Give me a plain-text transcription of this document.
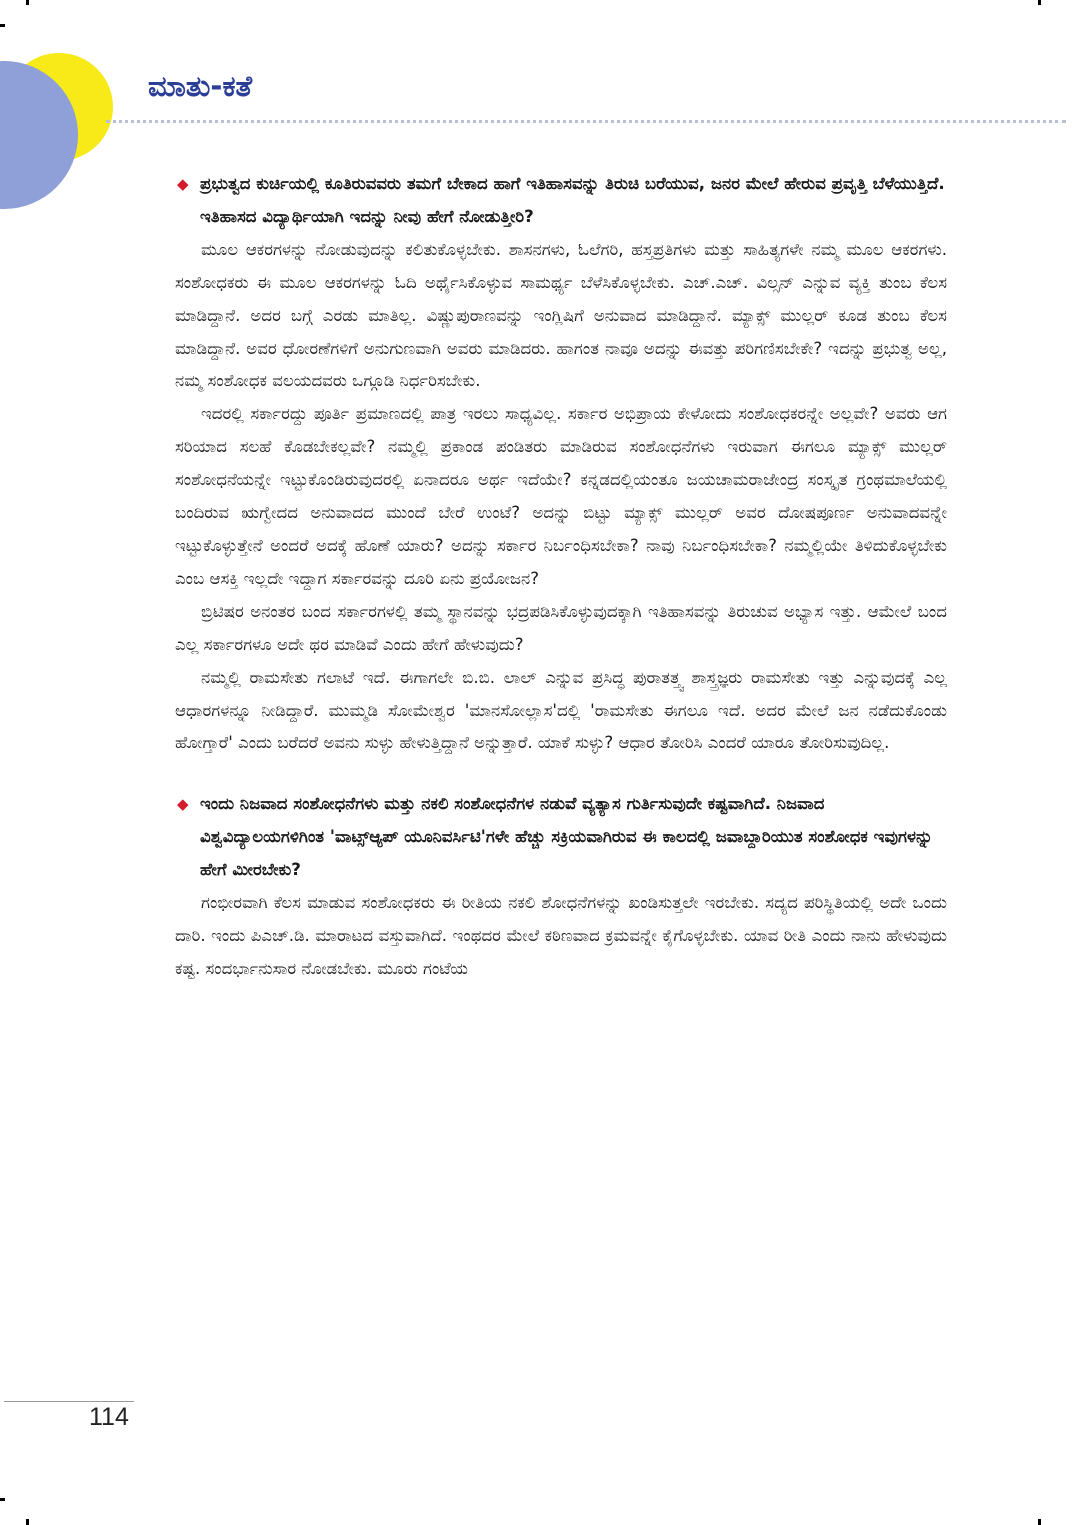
ಮಾತು-ಕತೆ

◆ ಪ್ರಭುತ್ವದ ಕುರ್ಚಿಯಲ್ಲಿ ಕೂತಿರುವವರು ತಮಗೆ ಬೇಕಾದ ಹಾಗೆ ಇತಿಹಾಸವನ್ನು ತಿರುಚಿ ಬರೆಯುವ, ಜನರ ಮೇಲೆ ಹೇರುವ ಪ್ರವೃತ್ತಿ ಬೆಳೆಯುತ್ತಿದೆ. ಇತಿಹಾಸದ ವಿದ್ಯಾರ್ಥಿಯಾಗಿ ಇದನ್ನು ನೀವು ಹೇಗೆ ನೋಡುತ್ತೀರಿ?

ಮೂಲ ಆಕರಗಳನ್ನು ನೋಡುವುದನ್ನು ಕಲಿತುಕೊಳ್ಳಬೇಕು. ಶಾಸನಗಳು, ಓಲೆಗರಿ, ಹಸ್ತಪ್ರತಿಗಳು ಮತ್ತು ಸಾಹಿತ್ಯಗಳೇ ನಮ್ಮ ಮೂಲ ಆಕರಗಳು. ಸಂಶೋಧಕರು ಈ ಮೂಲ ಆಕರಗಳನ್ನು ಓದಿ ಅರ್ಥೈಸಿಕೊಳ್ಳುವ ಸಾಮರ್ಥ್ಯ ಬೆಳೆಸಿಕೊಳ್ಳಬೇಕು. ಎಚ್.ಎಚ್. ವಿಲ್ಸನ್ ಎನ್ನುವ ವ್ಯಕ್ತಿ ತುಂಬ ಕೆಲಸ ಮಾಡಿದ್ದಾನೆ. ಅದರ ಬಗ್ಗೆ ಎರಡು ಮಾತಿಲ್ಲ. ವಿಷ್ಣುಪುರಾಣವನ್ನು ಇಂಗ್ಲಿಷಿಗೆ ಅನುವಾದ ಮಾಡಿದ್ದಾನೆ. ಮ್ಯಾಕ್ಸ್ ಮುಲ್ಲರ್ ಕೂಡ ತುಂಬ ಕೆಲಸ ಮಾಡಿದ್ದಾನೆ. ಅವರ ಧೋರಣೆಗಳಿಗೆ ಅನುಗುಣವಾಗಿ ಅವರು ಮಾಡಿದರು. ಹಾಗಂತ ನಾವೂ ಅದನ್ನು ಈವತ್ತು ಪರಿಗಣಿಸಬೇಕೇ? ಇದನ್ನು ಪ್ರಭುತ್ವ ಅಲ್ಲ, ನಮ್ಮ ಸಂಶೋಧಕ ವಲಯದವರು ಒಗ್ಗೂಡಿ ನಿರ್ಧರಿಸಬೇಕು.

ಇದರಲ್ಲಿ ಸರ್ಕಾರದ್ದು ಪೂರ್ತಿ ಪ್ರಮಾಣದಲ್ಲಿ ಪಾತ್ರ ಇರಲು ಸಾಧ್ಯವಿಲ್ಲ. ಸರ್ಕಾರ ಅಭಿಪ್ರಾಯ ಕೇಳೋದು ಸಂಶೋಧಕರನ್ನೇ ಅಲ್ಲವೇ? ಅವರು ಆಗ ಸರಿಯಾದ ಸಲಹೆ ಕೊಡಬೇಕಲ್ಲವೇ? ನಮ್ಮಲ್ಲಿ ಪ್ರಕಾಂಡ ಪಂಡಿತರು ಮಾಡಿರುವ ಸಂಶೋಧನೆಗಳು ಇರುವಾಗ ಈಗಲೂ ಮ್ಯಾಕ್ಸ್ ಮುಲ್ಲರ್ ಸಂಶೋಧನೆಯನ್ನೇ ಇಟ್ಟುಕೊಂಡಿರುವುದರಲ್ಲಿ ಏನಾದರೂ ಅರ್ಥ ಇದೆಯೇ? ಕನ್ನಡದಲ್ಲಿಯಂತೂ ಜಯಚಾಮರಾಜೇಂದ್ರ ಸಂಸ್ಕೃತ ಗ್ರಂಥಮಾಲೆಯಲ್ಲಿ ಬಂದಿರುವ ಋಗ್ವೇದದ ಅನುವಾದದ ಮುಂದೆ ಬೇರೆ ಉಂಟೆ? ಅದನ್ನು ಬಿಟ್ಟು ಮ್ಯಾಕ್ಸ್ ಮುಲ್ಲರ್ ಅವರ ದೋಷಪೂರ್ಣ ಅನುವಾದವನ್ನೇ ಇಟ್ಟುಕೊಳ್ಳುತ್ತೇನೆ ಅಂದರೆ ಅದಕ್ಕೆ ಹೊಣೆ ಯಾರು? ಅದನ್ನು ಸರ್ಕಾರ ನಿರ್ಬಂಧಿಸಬೇಕಾ? ನಾವು ನಿರ್ಬಂಧಿಸಬೇಕಾ? ನಮ್ಮಲ್ಲಿಯೇ ತಿಳಿದುಕೊಳ್ಳಬೇಕು ಎಂಬ ಆಸಕ್ತಿ ಇಲ್ಲದೇ ಇದ್ದಾಗ ಸರ್ಕಾರವನ್ನು ದೂರಿ ಏನು ಪ್ರಯೋಜನ?

ಬ್ರಿಟಿಷರ ಅನಂತರ ಬಂದ ಸರ್ಕಾರಗಳಲ್ಲಿ ತಮ್ಮ ಸ್ಥಾನವನ್ನು ಭದ್ರಪಡಿಸಿಕೊಳ್ಳುವುದಕ್ಕಾಗಿ ಇತಿಹಾಸವನ್ನು ತಿರುಚುವ ಅಭ್ಯಾಸ ಇತ್ತು. ಆಮೇಲೆ ಬಂದ ಎಲ್ಲ ಸರ್ಕಾರಗಳೂ ಅದೇ ಥರ ಮಾಡಿವೆ ಎಂದು ಹೇಗೆ ಹೇಳುವುದು?

ನಮ್ಮಲ್ಲಿ ರಾಮಸೇತು ಗಲಾಟೆ ಇದೆ. ಈಗಾಗಲೇ ಬಿ.ಬಿ. ಲಾಲ್ ಎನ್ನುವ ಪ್ರಸಿದ್ಧ ಪುರಾತತ್ತ್ವ ಶಾಸ್ತ್ರಜ್ಞರು ರಾಮಸೇತು ಇತ್ತು ಎನ್ನುವುದಕ್ಕೆ ಎಲ್ಲ ಆಧಾರಗಳನ್ನೂ ನೀಡಿದ್ದಾರೆ. ಮುಮ್ಮಡಿ ಸೋಮೇಶ್ವರ 'ಮಾನಸೋಲ್ಲಾಸ'ದಲ್ಲಿ 'ರಾಮಸೇತು ಈಗಲೂ ಇದೆ. ಅದರ ಮೇಲೆ ಜನ ನಡೆದುಕೊಂಡು ಹೋಗ್ತಾರೆ' ಎಂದು ಬರೆದರೆ ಅವನು ಸುಳ್ಳು ಹೇಳುತ್ತಿದ್ದಾನೆ ಅನ್ನುತ್ತಾರೆ. ಯಾಕೆ ಸುಳ್ಳು? ಆಧಾರ ತೋರಿಸಿ ಎಂದರೆ ಯಾರೂ ತೋರಿಸುವುದಿಲ್ಲ.

◆ ಇಂದು ನಿಜವಾದ ಸಂಶೋಧನೆಗಳು ಮತ್ತು ನಕಲಿ ಸಂಶೋಧನೆಗಳ ನಡುವೆ ವ್ಯತ್ಯಾಸ ಗುರ್ತಿಸುವುದೇ ಕಷ್ಟವಾಗಿದೆ. ನಿಜವಾದ ವಿಶ್ವವಿದ್ಯಾಲಯಗಳಿಗಿಂತ 'ವಾಟ್ಸ್ಆ್ಯಪ್ ಯೂನಿವರ್ಸಿಟಿ'ಗಳೇ ಹೆಚ್ಚು ಸಕ್ರಿಯವಾಗಿರುವ ಈ ಕಾಲದಲ್ಲಿ ಜವಾಬ್ದಾರಿಯುತ ಸಂಶೋಧಕ ಇವುಗಳನ್ನು ಹೇಗೆ ಮೀರಬೇಕು?

ಗಂಭೀರವಾಗಿ ಕೆಲಸ ಮಾಡುವ ಸಂಶೋಧಕರು ಈ ರೀತಿಯ ನಕಲಿ ಶೋಧನೆಗಳನ್ನು ಖಂಡಿಸುತ್ತಲೇ ಇರಬೇಕು. ಸದ್ಯದ ಪರಿಸ್ಥಿತಿಯಲ್ಲಿ ಅದೇ ಒಂದು ದಾರಿ. ಇಂದು ಪಿಎಚ್.ಡಿ. ಮಾರಾಟದ ವಸ್ತುವಾಗಿದೆ. ಇಂಥದರ ಮೇಲೆ ಕಠಿಣವಾದ ಕ್ರಮವನ್ನೇ ಕೈಗೊಳ್ಳಬೇಕು. ಯಾವ ರೀತಿ ಎಂದು ನಾನು ಹೇಳುವುದು ಕಷ್ಟ. ಸಂದರ್ಭಾನುಸಾರ ನೋಡಬೇಕು. ಮೂರು ಗಂಟೆಯ

114
